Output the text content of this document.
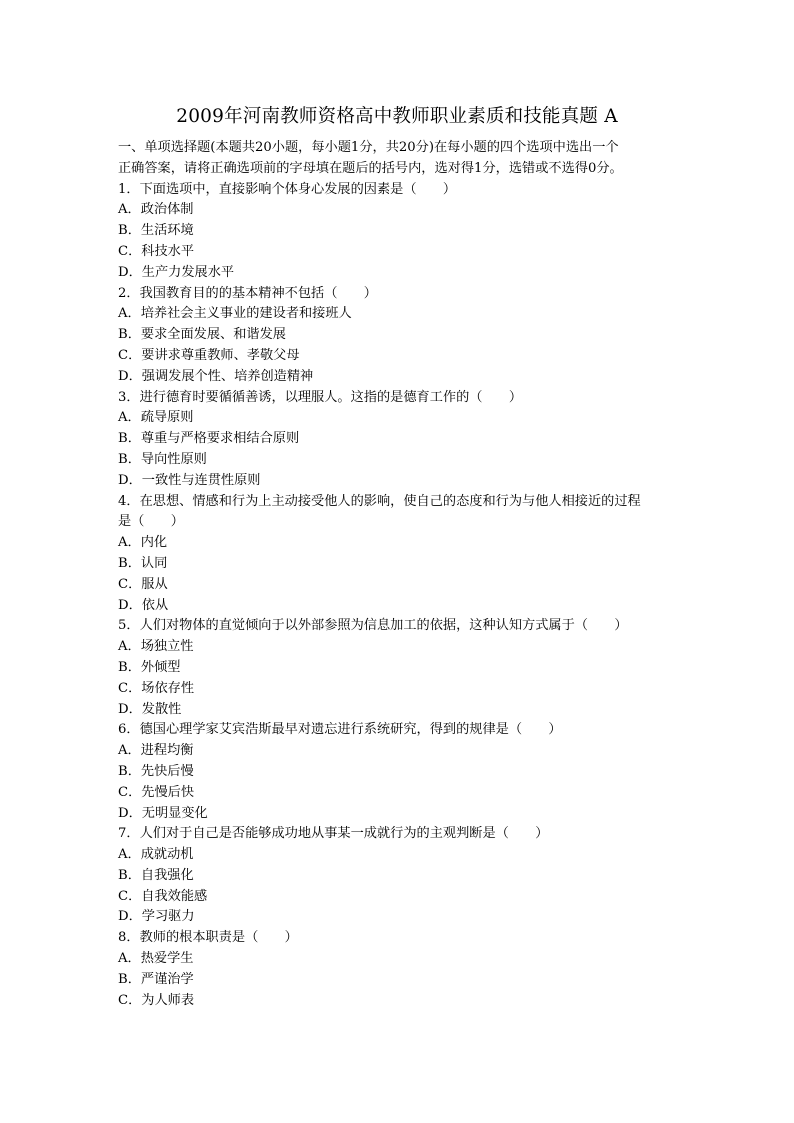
2009年河南教师资格高中教师职业素质和技能真题 A
一、单项选择题(本题共20小题，每小题1分，共20分)在每小题的四个选项中选出一个
正确答案，请将正确选项前的字母填在题后的括号内，选对得1分，选错或不选得0分。
1．下面选项中，直接影响个体身心发展的因素是（　　）
A．政治体制
B．生活环境
C．科技水平
D．生产力发展水平
2．我国教育目的的基本精神不包括（　　）
A．培养社会主义事业的建设者和接班人
B．要求全面发展、和谐发展
C．要讲求尊重教师、孝敬父母
D．强调发展个性、培养创造精神
3．进行德育时要循循善诱，以理服人。这指的是德育工作的（　　）
A．疏导原则
B．尊重与严格要求相结合原则
B．导向性原则
D．一致性与连贯性原则
4．在思想、情感和行为上主动接受他人的影响，使自己的态度和行为与他人相接近的过程
是（　　）
A．内化
B．认同
C．服从
D．依从
5．人们对物体的直觉倾向于以外部参照为信息加工的依据，这种认知方式属于（　　）
A．场独立性
B．外倾型
C．场依存性
D．发散性
6．德国心理学家艾宾浩斯最早对遗忘进行系统研究，得到的规律是（　　）
A．进程均衡
B．先快后慢
C．先慢后快
D．无明显变化
7．人们对于自己是否能够成功地从事某一成就行为的主观判断是（　　）
A．成就动机
B．自我强化
C．自我效能感
D．学习驱力
8．教师的根本职责是（　　）
A．热爱学生
B．严谨治学
C．为人师表
